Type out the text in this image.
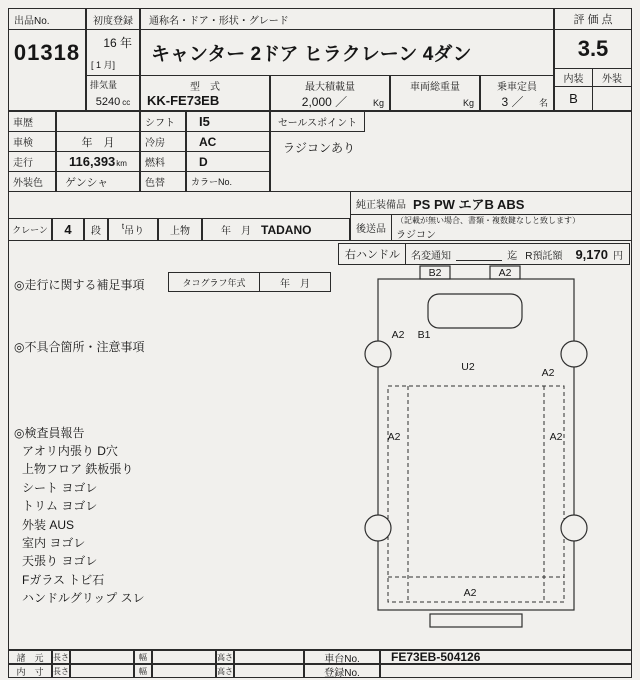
出品No.
01318
初度登録
16 年
[ 1 月]
通称名・ドア・形状・グレード
キャンター 2ドア ヒラクレーン 4ダン
評 価 点
3.5
内装	外装
B
排気量
5240 cc
型　式
KK-FE73EB
最大積載量
2,000 ／	Kg
車両総重量
Kg
乗車定員
3 ／	名
車歴	シフト	I5
車検	年　月	冷房	AC
走行	116,393 km	燃料	D
外装色	ゲンシャ	色替	カラーNo.
セールスポイント
ラジコンあり
純正装備品 PS PW エアB ABS
後送品
（記載が無い場合、書類・複数鍵なしと致します）
ラジコン
クレーン	4	段	t 吊り	上物	年　月 TADANO
右ハンドル 名変通知	迄 R預託額 9,170 円
◎走行に関する補足事項	タコグラフ年式	年　月
◎不具合箇所・注意事項
◎検査員報告
アオリ内張り D穴
上物フロア 鉄板張り
シート ヨゴレ
トリム ヨゴレ
外装 AUS
室内 ヨゴレ
天張り ヨゴレ
Fガラス トビ石
ハンドルグリップ スレ
B2	A2
A2 B1
U2	A2
A2	A2
A2
諸　元	長さ	幅	高さ	車台No.	FE73EB-504126
内　寸	長さ	幅	高さ	登録No.
